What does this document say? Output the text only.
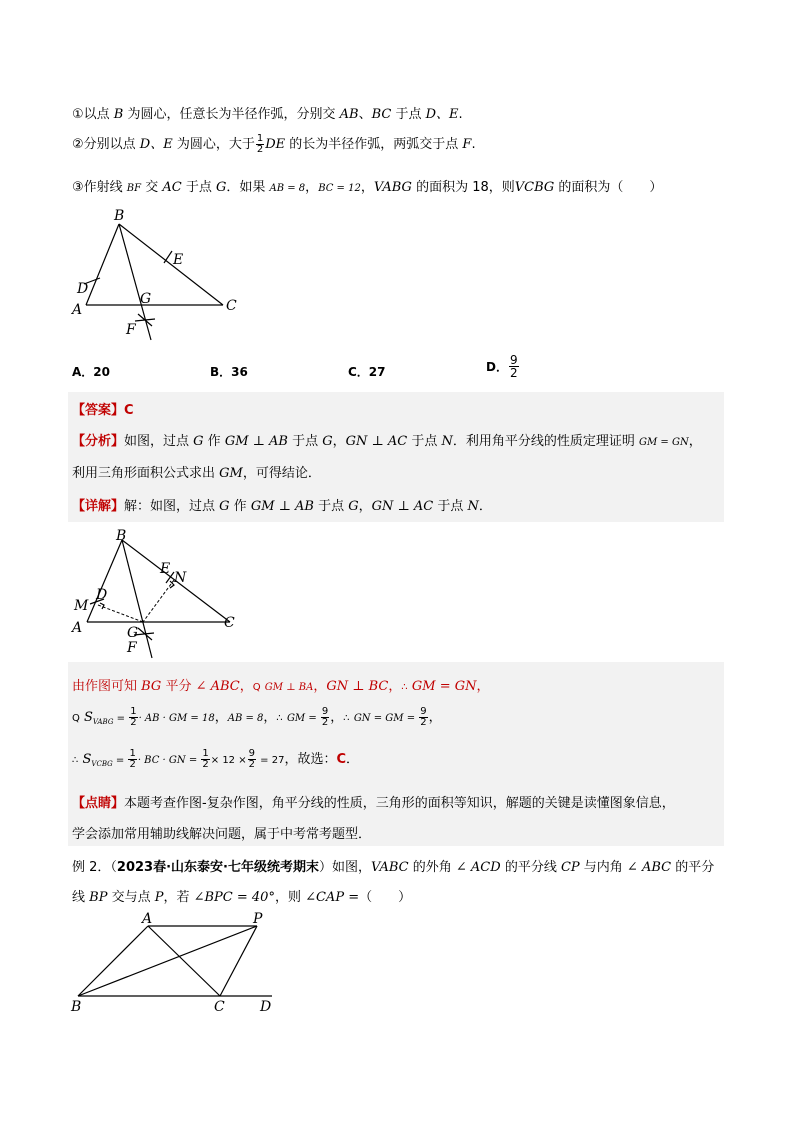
①以点 B 为圆心，任意长为半径作弧，分别交 AB、BC 于点 D、E.
②分别以点 D、E 为圆心，大于 $\frac{1}{2}$ DE 的长为半径作弧，两弧交于点 F.
③作射线 BF 交 AC 于点 G．如果 AB = 8，BC = 12，VABG 的面积为 18，则VCBG 的面积为（　　）
B
E
D
G
A	C
F
A．20	B．36	C．27	D． $\frac{9}{2}$
【答案】C
【分析】如图，过点 G 作 GM ⊥ AB 于点 G，GN ⊥ AC 于点 N．利用角平分线的性质定理证明 GM = GN，
利用三角形面积公式求出 GM，可得结论．
【详解】解：如图，过点 G 作 GM ⊥ AB 于点 G，GN ⊥ AC 于点 N．
B
E
N
M
D
A	C
G
F
由作图可知 BG 平分 ∠ ABC，Q GM ⊥ BA，GN ⊥ BC，∴ GM = GN，
Q $S_{VABG} = \frac{1}{2}$ · AB · GM = 18，AB = 8，∴ GM = $\frac{9}{2}$ ，∴ GN = GM = $\frac{9}{2}$ ，
∴ $S_{VCBG} = \frac{1}{2}$ · BC · GN = $\frac{1}{2} \times 12 \times \frac{9}{2} = 27$，故选：C．
【点睛】本题考查作图-复杂作图，角平分线的性质，三角形的面积等知识，解题的关键是读懂图象信息，
学会添加常用辅助线解决问题，属于中考常考题型．
例 2．（2023春·山东泰安·七年级统考期末）如图，VABC 的外角 ∠ ACD 的平分线 CP 与内角 ∠ ABC 的平分
线 BP 交与点 P，若 ∠BPC = 40°，则 ∠CAP =（　　）
A	P
B	C	D
